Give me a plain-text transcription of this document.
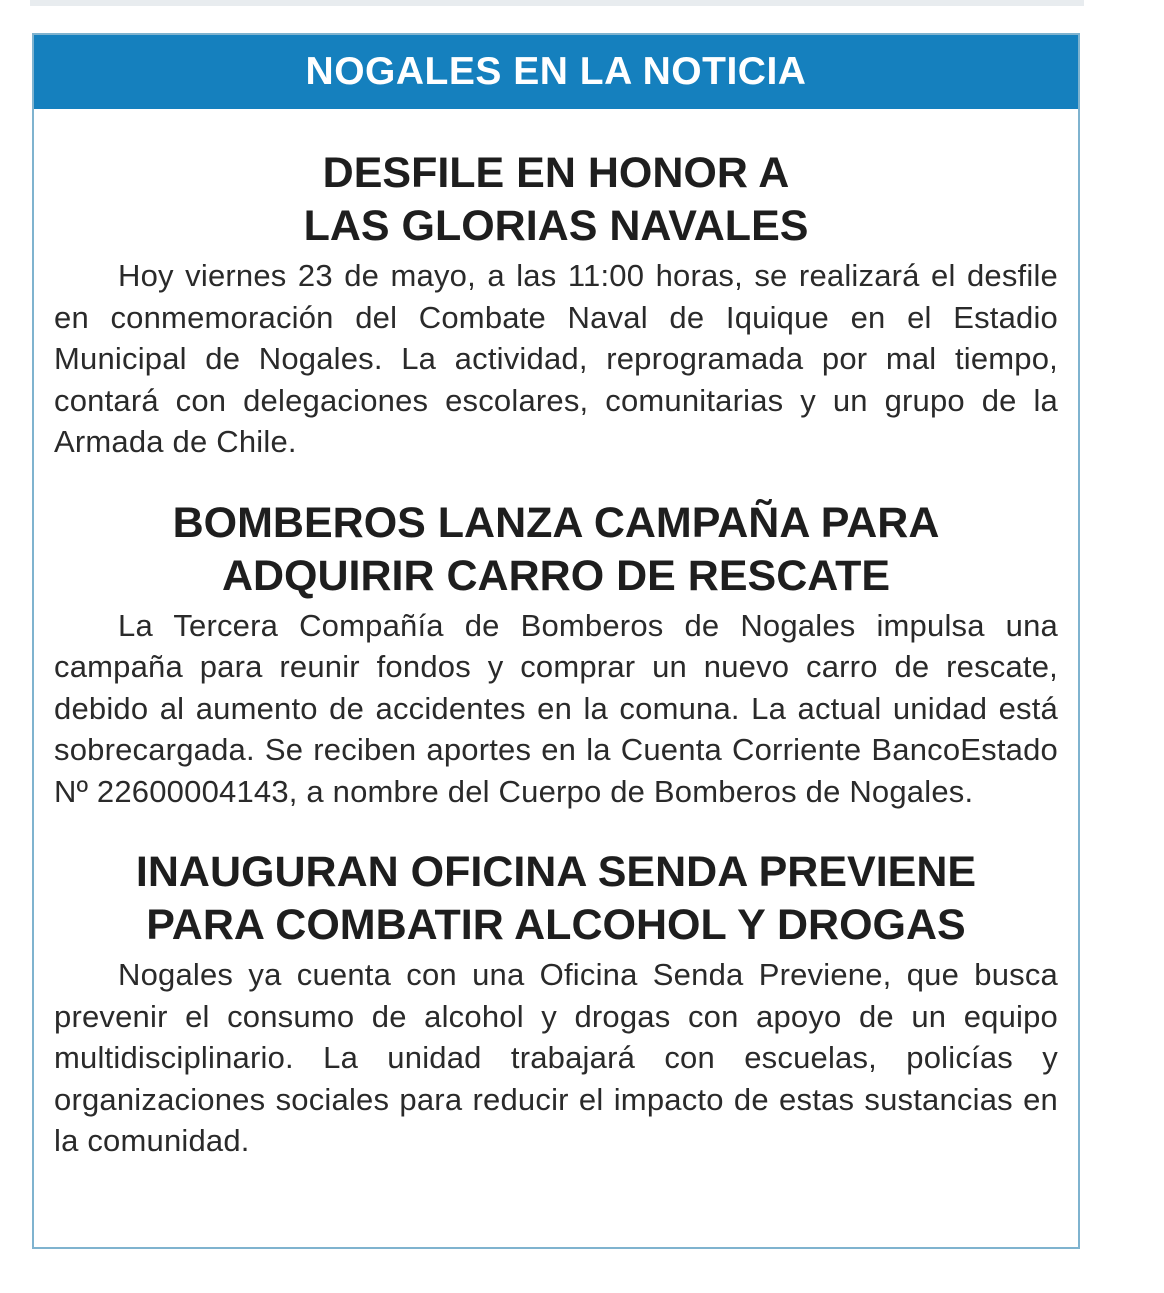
NOGALES EN LA NOTICIA
DESFILE EN HONOR A
LAS GLORIAS NAVALES

Hoy viernes 23 de mayo, a las 11:00 horas, se realizará el desfile en conmemoración del Combate Naval de Iquique en el Estadio Municipal de Nogales. La actividad, reprogramada por mal tiempo, contará con delegaciones escolares, comunitarias y un grupo de la Armada de Chile.

BOMBEROS LANZA CAMPAÑA PARA
ADQUIRIR CARRO DE RESCATE

La Tercera Compañía de Bomberos de Nogales impulsa una campaña para reunir fondos y comprar un nuevo carro de rescate, debido al aumento de accidentes en la comuna. La actual unidad está sobrecargada. Se reciben aportes en la Cuenta Corriente BancoEstado Nº 22600004143, a nombre del Cuerpo de Bomberos de Nogales.

INAUGURAN OFICINA SENDA PREVIENE
PARA COMBATIR ALCOHOL Y DROGAS

Nogales ya cuenta con una Oficina Senda Previene, que busca prevenir el consumo de alcohol y drogas con apoyo de un equipo multidisciplinario. La unidad trabajará con escuelas, policías y organizaciones sociales para reducir el impacto de estas sustancias en la comunidad.
